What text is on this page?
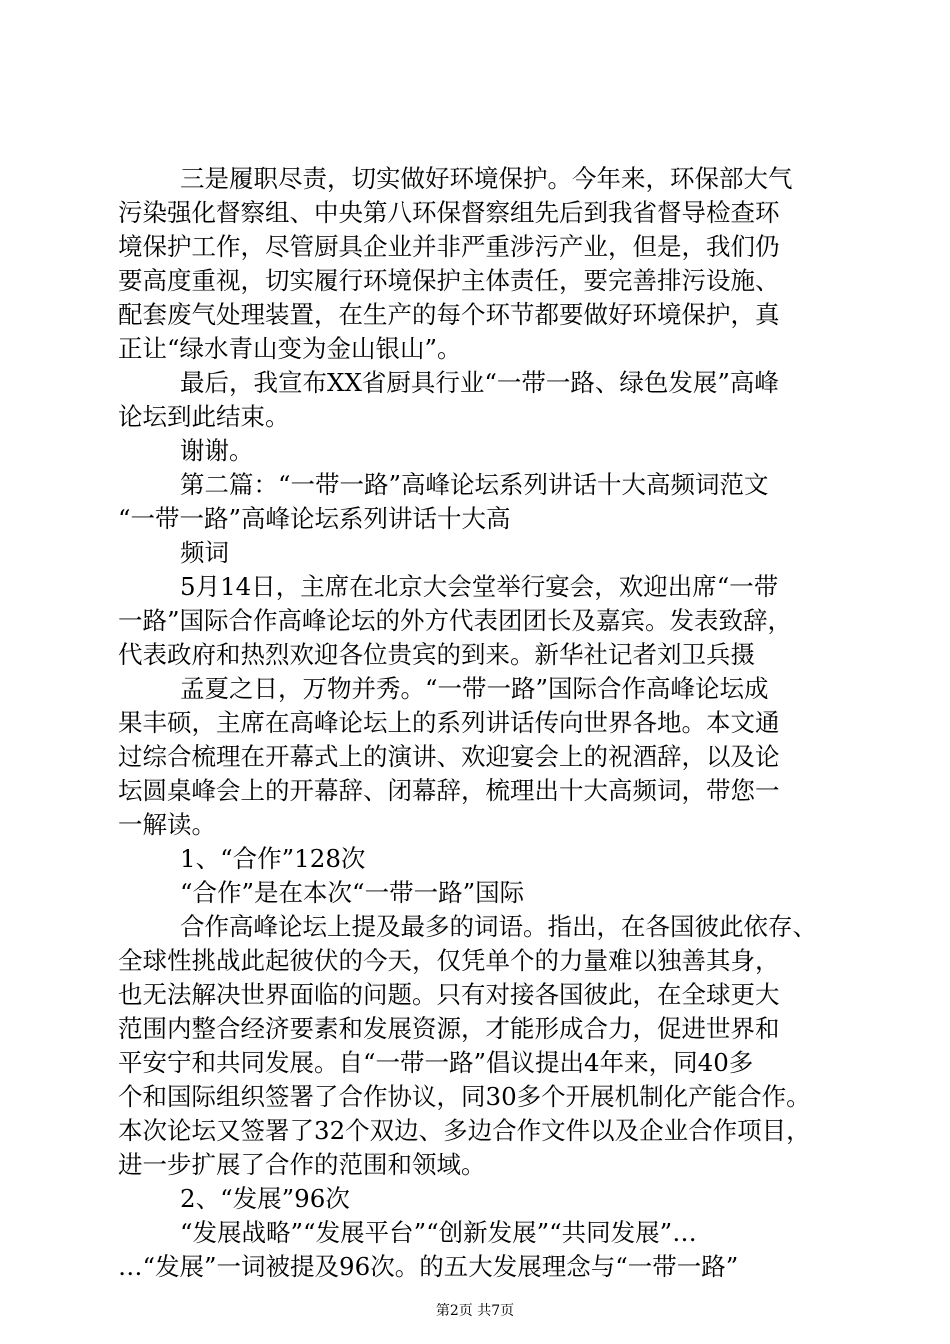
三是履职尽责，切实做好环境保护。今年来，环保部大气
污染强化督察组、中央第八环保督察组先后到我省督导检查环
境保护工作，尽管厨具企业并非严重涉污产业，但是，我们仍
要高度重视，切实履行环境保护主体责任，要完善排污设施、
配套废气处理装置，在生产的每个环节都要做好环境保护，真
正让“绿水青山变为金山银山”。
最后，我宣布XX省厨具行业“一带一路、绿色发展”高峰
论坛到此结束。
谢谢。
第二篇：“一带一路”高峰论坛系列讲话十大高频词范文
“一带一路”高峰论坛系列讲话十大高
频词
5月14日，主席在北京大会堂举行宴会，欢迎出席“一带
一路”国际合作高峰论坛的外方代表团团长及嘉宾。发表致辞，
代表政府和热烈欢迎各位贵宾的到来。新华社记者刘卫兵摄
孟夏之日，万物并秀。“一带一路”国际合作高峰论坛成
果丰硕，主席在高峰论坛上的系列讲话传向世界各地。本文通
过综合梳理在开幕式上的演讲、欢迎宴会上的祝酒辞，以及论
坛圆桌峰会上的开幕辞、闭幕辞，梳理出十大高频词，带您一
一解读。
1、“合作”128次
“合作”是在本次“一带一路”国际
合作高峰论坛上提及最多的词语。指出，在各国彼此依存、
全球性挑战此起彼伏的今天，仅凭单个的力量难以独善其身，
也无法解决世界面临的问题。只有对接各国彼此，在全球更大
范围内整合经济要素和发展资源，才能形成合力，促进世界和
平安宁和共同发展。自“一带一路”倡议提出4年来，同40多
个和国际组织签署了合作协议，同30多个开展机制化产能合作。
本次论坛又签署了32个双边、多边合作文件以及企业合作项目，
进一步扩展了合作的范围和领域。
2、“发展”96次
“发展战略”“发展平台”“创新发展”“共同发展”…
…“发展”一词被提及96次。的五大发展理念与“一带一路”
第2页 共7页
